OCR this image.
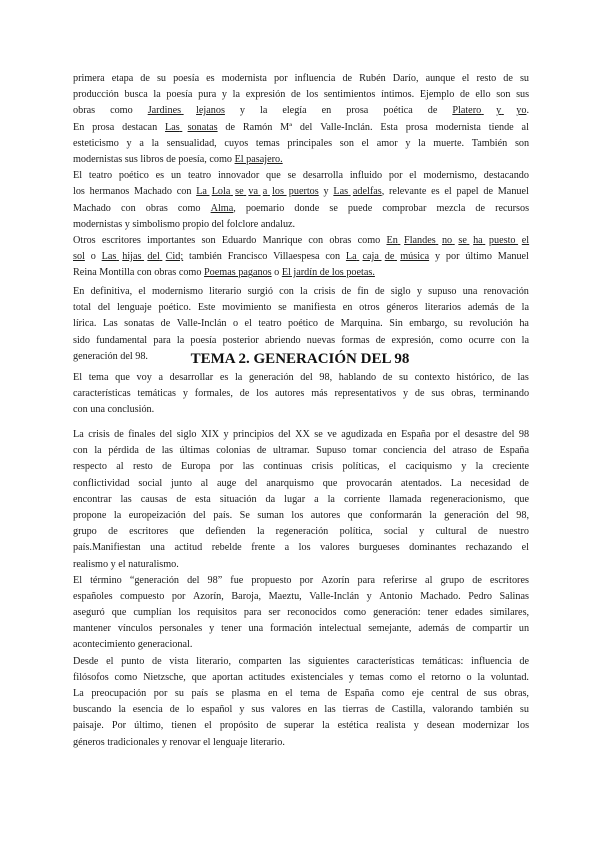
primera
etapa
de
su
poesía
es
modernista
por
influencia
de
Rubén
Darío,
aunque
el
resto
de
su
producción
busca
la
poesía
pura
y
la
expresión
de
los
sentimientos
íntimos.
Ejemplo
de
ello
son
sus
obras
como
Jardines
lejanos
y
la
elegía
en
prosa
poética
de
Platero
y
yo .
En
prosa
destacan
Las
sonatas
de
Ramón
Mª
del
Valle-Inclán.
Esta
prosa
modernista
tiende
al
esteticismo
y
a
la
sensualidad,
cuyos
temas
principales
son
el
amor
y
la
muerte.
También
son
modernistas sus libros de poesía, como El pasajero.
El
teatro
poético
es
un
teatro
innovador
que
se
desarrolla
influido
por
el
modernismo,
destacando
los
hermanos
Machado
con
La
Lola
se
va
a
los
puertos
y
Las
adelfas ,
relevante
es
el
papel
de
Manuel
Machado
con
obras
como
Alma ,
poemario
donde
se
puede
comprobar
mezcla
de
recursos
modernistas y simbolismo propio del folclore andaluz.
Otros
escritores
importantes
son
Eduardo
Manrique
con
obras
como
En
Flandes
no
se
ha
puesto
el
sol
o
Las
hijas
del
Cid;
también
Francisco
Villaespesa
con
La
caja
de
música
y
por
último
Manuel
Reina Montilla con obras como Poemas paganos o El jardín de los poetas.
En
definitiva,
el
modernismo
literario
surgió
con
la
crisis
de
fin
de
siglo
y
supuso
una
renovación
total
del
lenguaje
poético.
Este
movimiento
se
manifiesta
en
otros
géneros
literarios
además
de
la
lírica.
Las
sonatas
de
Valle-Inclán
o
el
teatro
poético
de
Marquina.
Sin
embargo,
su
revolución
ha
sido
fundamental
para
la
poesía
posterior
abriendo
nuevas
formas
de
expresión,
como
ocurre
con
la
generación del 98.	TEMA 2. GENERACIÓN DEL 98
El
tema
que
voy
a
desarrollar
es
la
generación
del
98,
hablando
de
su
contexto
histórico,
de
las
características
temáticas
y
formales,
de
los
autores
más
representativos
y
de
sus
obras,
terminando
con una conclusión.
La
crisis
de
finales
del
siglo
XIX
y
principios
del
XX
se
ve
agudizada
en
España
por
el
desastre
del
98
con
la
pérdida
de
las
últimas
colonias
de
ultramar.
Supuso
tomar
conciencia
del
atraso
de
España
respecto
al
resto
de
Europa
por
las
continuas
crisis
políticas,
el
caciquismo
y
la
creciente
conflictividad
social
junto
al
auge
del
anarquismo
que
provocarán
atentados.
La
necesidad
de
encontrar
las
causas
de
esta
situación
da
lugar
a
la
corriente
llamada
regeneracionismo,
que
propone
la
europeización
del
país.
Se
suman
los
autores
que
conformarán
la
generación
del
98,
grupo
de
escritores
que
defienden
la
regeneración
política,
social
y
cultural
de
nuestro
país.Manifiestan
una
actitud
rebelde
frente
a
los
valores
burgueses
dominantes
rechazando
el
realismo y el naturalismo.
El
término
“generación
del
98”
fue
propuesto
por
Azorín
para
referirse
al
grupo
de
escritores
españoles
compuesto
por
Azorín,
Baroja,
Maeztu,
Valle-Inclán
y
Antonio
Machado.
Pedro
Salinas
aseguró
que
cumplían
los
requisitos
para
ser
reconocidos
como
generación:
tener
edades
similares,
mantener
vínculos
personales
y
tener
una
formación
intelectual
semejante,
además
de
compartir
un
acontecimiento generacional.
Desde
el
punto
de
vista
literario,
comparten
las
siguientes
características
temáticas:
influencia
de
filósofos
como
Nietzsche,
que
aportan
actitudes
existenciales
y
temas
como
el
retorno
o
la
voluntad.
La
preocupación
por
su
país
se
plasma
en
el
tema
de
España
como
eje
central
de
sus
obras,
buscando
la
esencia
de
lo
español
y
sus
valores
en
las
tierras
de
Castilla,
valorando
también
su
paisaje.
Por
último,
tienen
el
propósito
de
superar
la
estética
realista
y
desean
modernizar
los
géneros tradicionales y renovar el lenguaje literario.
